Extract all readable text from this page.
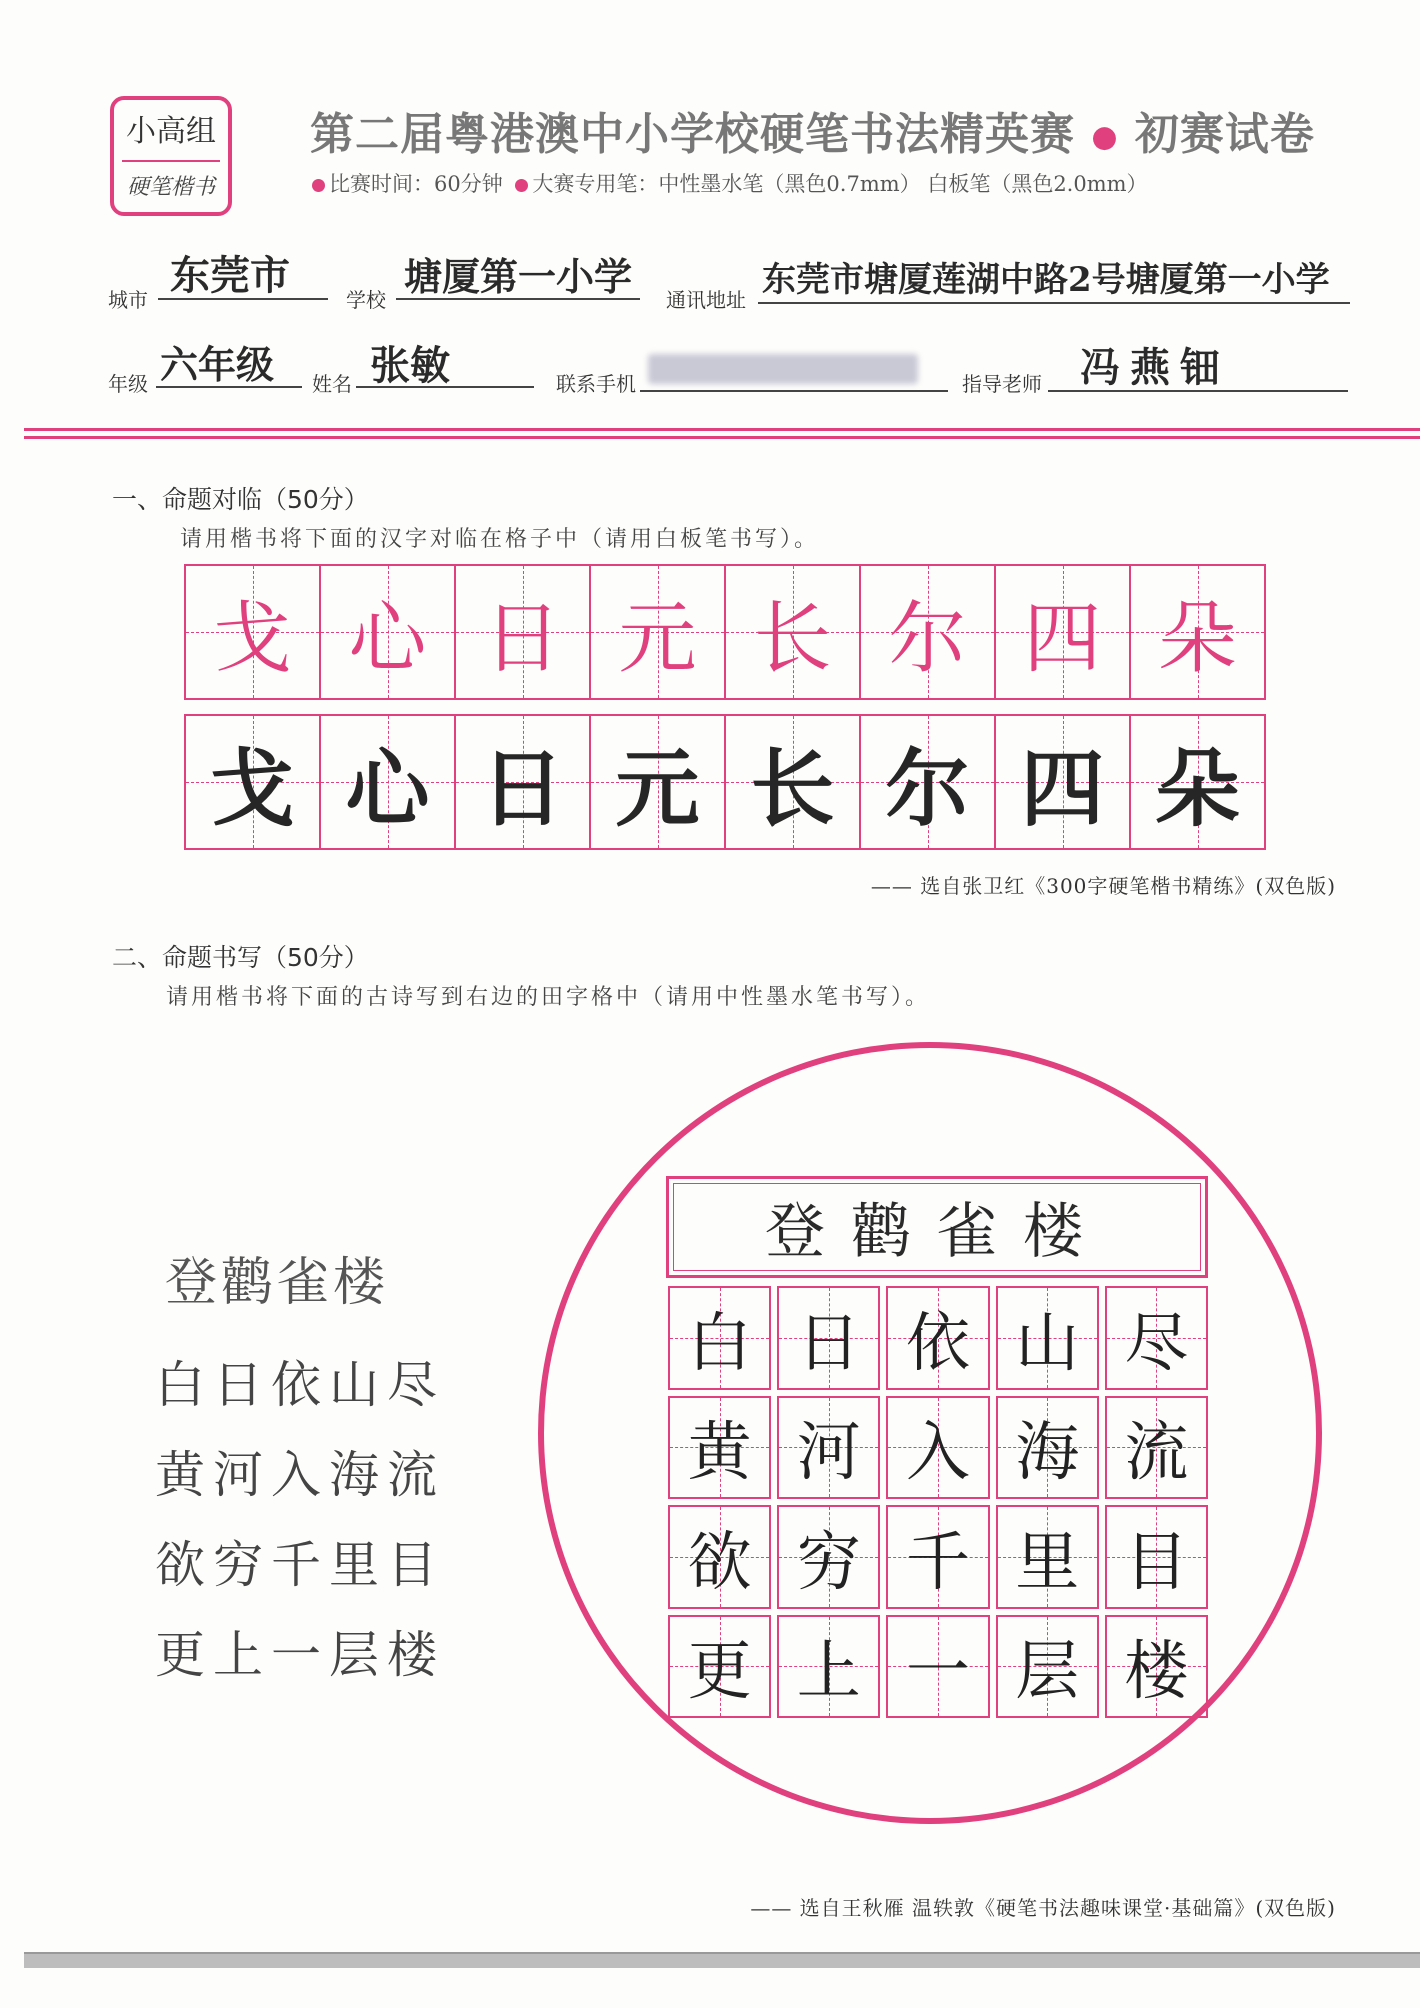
小高组
硬笔楷书
第二届粤港澳中小学校硬笔书法精英赛 ● 初赛试卷
比赛时间：60分钟 大赛专用笔：中性墨水笔（黑色0.7mm） 白板笔（黑色2.0mm）
城市
东莞市
学校
塘厦第一小学
通讯地址 东莞市塘厦莲湖中路2号塘厦第一小学
年级 六年级 姓名 张敏	联系手机	指导老师 冯燕钿
一、命题对临（50分）
请用楷书将下面的汉字对临在格子中（请用白板笔书写）。
戈 心 日 元 长 尔 四 朵
戈 心 日 元 长 尔 四 朵
—— 选自张卫红《300字硬笔楷书精练》(双色版)
二、命题书写（50分）
请用楷书将下面的古诗写到右边的田字格中（请用中性墨水笔书写）。
登鹳雀楼
白日依山尽
黄河入海流
欲穷千里目
更上一层楼
登鹳雀楼
白 日 依 山 尽
黄 河 入 海 流
欲 穷 千 里 目
更 上 一 层 楼
—— 选自王秋雁 温轶敦《硬笔书法趣味课堂·基础篇》(双色版)
